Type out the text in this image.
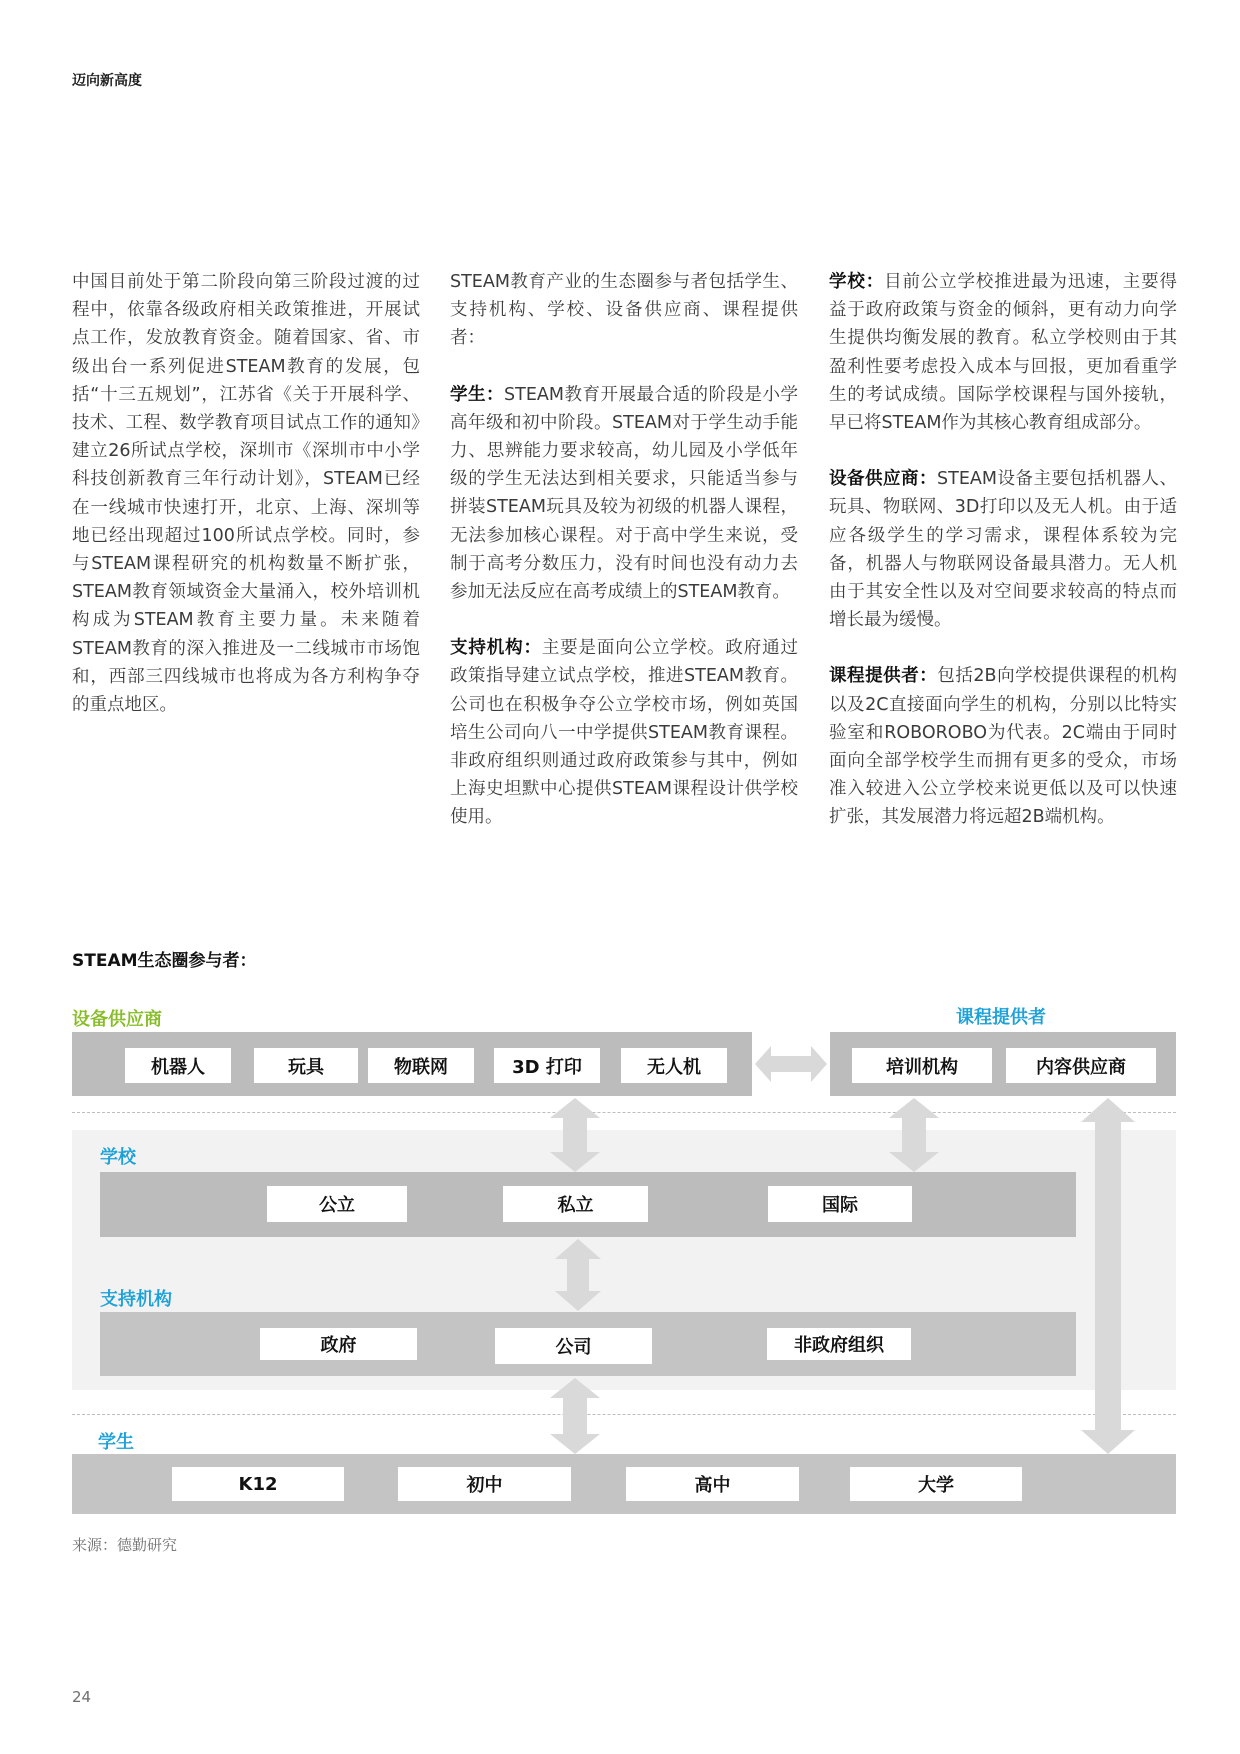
迈向新高度

中国目前处于第二阶段向第三阶段过渡的过程中，依靠各级政府相关政策推进，开展试点工作，发放教育资金。随着国家、省、市级出台一系列促进STEAM教育的发展，包括“十三五规划”，江苏省《关于开展科学、技术、工程、数学教育项目试点工作的通知》建立26所试点学校，深圳市《深圳市中小学科技创新教育三年行动计划》，STEAM已经在一线城市快速打开，北京、上海、深圳等地已经出现超过100所试点学校。同时，参与STEAM课程研究的机构数量不断扩张，STEAM教育领域资金大量涌入，校外培训机构成为STEAM教育主要力量。未来随着STEAM教育的深入推进及一二线城市市场饱和，西部三四线城市也将成为各方利构争夺的重点地区。

STEAM教育产业的生态圈参与者包括学生、支持机构、学校、设备供应商、课程提供者：

学生：STEAM教育开展最合适的阶段是小学高年级和初中阶段。STEAM对于学生动手能力、思辨能力要求较高，幼儿园及小学低年级的学生无法达到相关要求，只能适当参与拼装STEAM玩具及较为初级的机器人课程，无法参加核心课程。对于高中学生来说，受制于高考分数压力，没有时间也没有动力去参加无法反应在高考成绩上的STEAM教育。

支持机构：主要是面向公立学校。政府通过政策指导建立试点学校，推进STEAM教育。公司也在积极争夺公立学校市场，例如英国培生公司向八一中学提供STEAM教育课程。非政府组织则通过政府政策参与其中，例如上海史坦默中心提供STEAM课程设计供学校使用。

学校：目前公立学校推进最为迅速，主要得益于政府政策与资金的倾斜，更有动力向学生提供均衡发展的教育。私立学校则由于其盈利性要考虑投入成本与回报，更加看重学生的考试成绩。国际学校课程与国外接轨，早已将STEAM作为其核心教育组成部分。

设备供应商：STEAM设备主要包括机器人、玩具、物联网、3D打印以及无人机。由于适应各级学生的学习需求，课程体系较为完备，机器人与物联网设备最具潜力。无人机由于其安全性以及对空间要求较高的特点而增长最为缓慢。

课程提供者：包括2B向学校提供课程的机构以及2C直接面向学生的机构，分别以比特实验室和ROBOROBO为代表。2C端由于同时面向全部学校学生而拥有更多的受众，市场准入较进入公立学校来说更低以及可以快速扩张，其发展潜力将远超2B端机构。

STEAM生态圈参与者：
设备供应商	课程提供者
机器人	玩具	物联网	3D 打印	无人机	培训机构	内容供应商
学校
公立	私立	国际
支持机构
政府	公司	非政府组织
学生
K12	初中	高中	大学
来源：德勤研究
24
